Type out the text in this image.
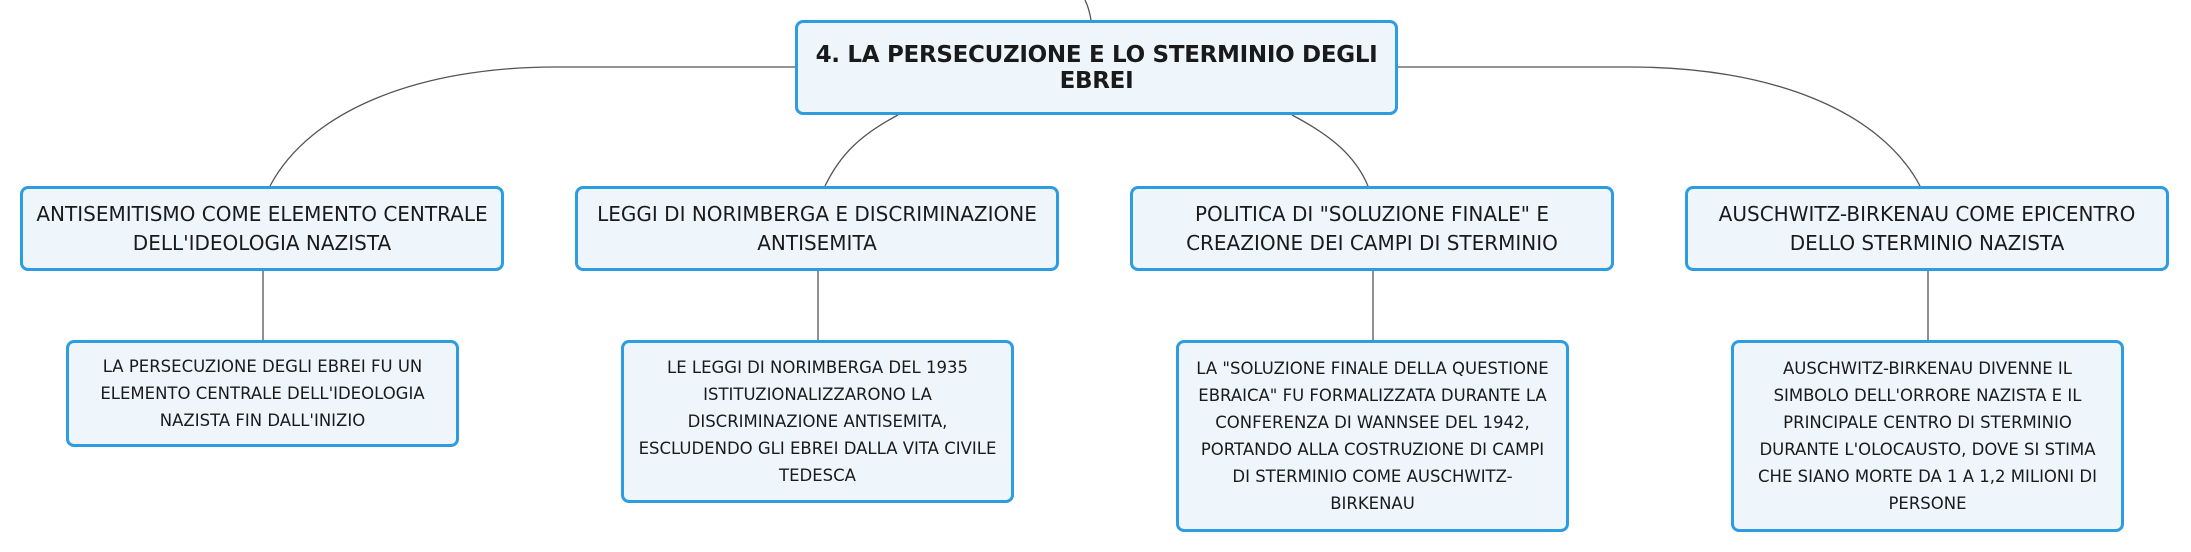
4. LA PERSECUZIONE E LO STERMINIO DEGLI EBREI
ANTISEMITISMO COME ELEMENTO CENTRALE DELL'IDEOLOGIA NAZISTA
LEGGI DI NORIMBERGA E DISCRIMINAZIONE ANTISEMITA
POLITICA DI "SOLUZIONE FINALE" E CREAZIONE DEI CAMPI DI STERMINIO
AUSCHWITZ-BIRKENAU COME EPICENTRO DELLO STERMINIO NAZISTA
LA PERSECUZIONE DEGLI EBREI FU UN ELEMENTO CENTRALE DELL'IDEOLOGIA NAZISTA FIN DALL'INIZIO
LE LEGGI DI NORIMBERGA DEL 1935 ISTITUZIONALIZZARONO LA DISCRIMINAZIONE ANTISEMITA, ESCLUDENDO GLI EBREI DALLA VITA CIVILE TEDESCA
LA "SOLUZIONE FINALE DELLA QUESTIONE EBRAICA" FU FORMALIZZATA DURANTE LA CONFERENZA DI WANNSEE DEL 1942, PORTANDO ALLA COSTRUZIONE DI CAMPI DI STERMINIO COME AUSCHWITZ-BIRKENAU
AUSCHWITZ-BIRKENAU DIVENNE IL SIMBOLO DELL'ORRORE NAZISTA E IL PRINCIPALE CENTRO DI STERMINIO DURANTE L'OLOCAUSTO, DOVE SI STIMA CHE SIANO MORTE DA 1 A 1,2 MILIONI DI PERSONE
